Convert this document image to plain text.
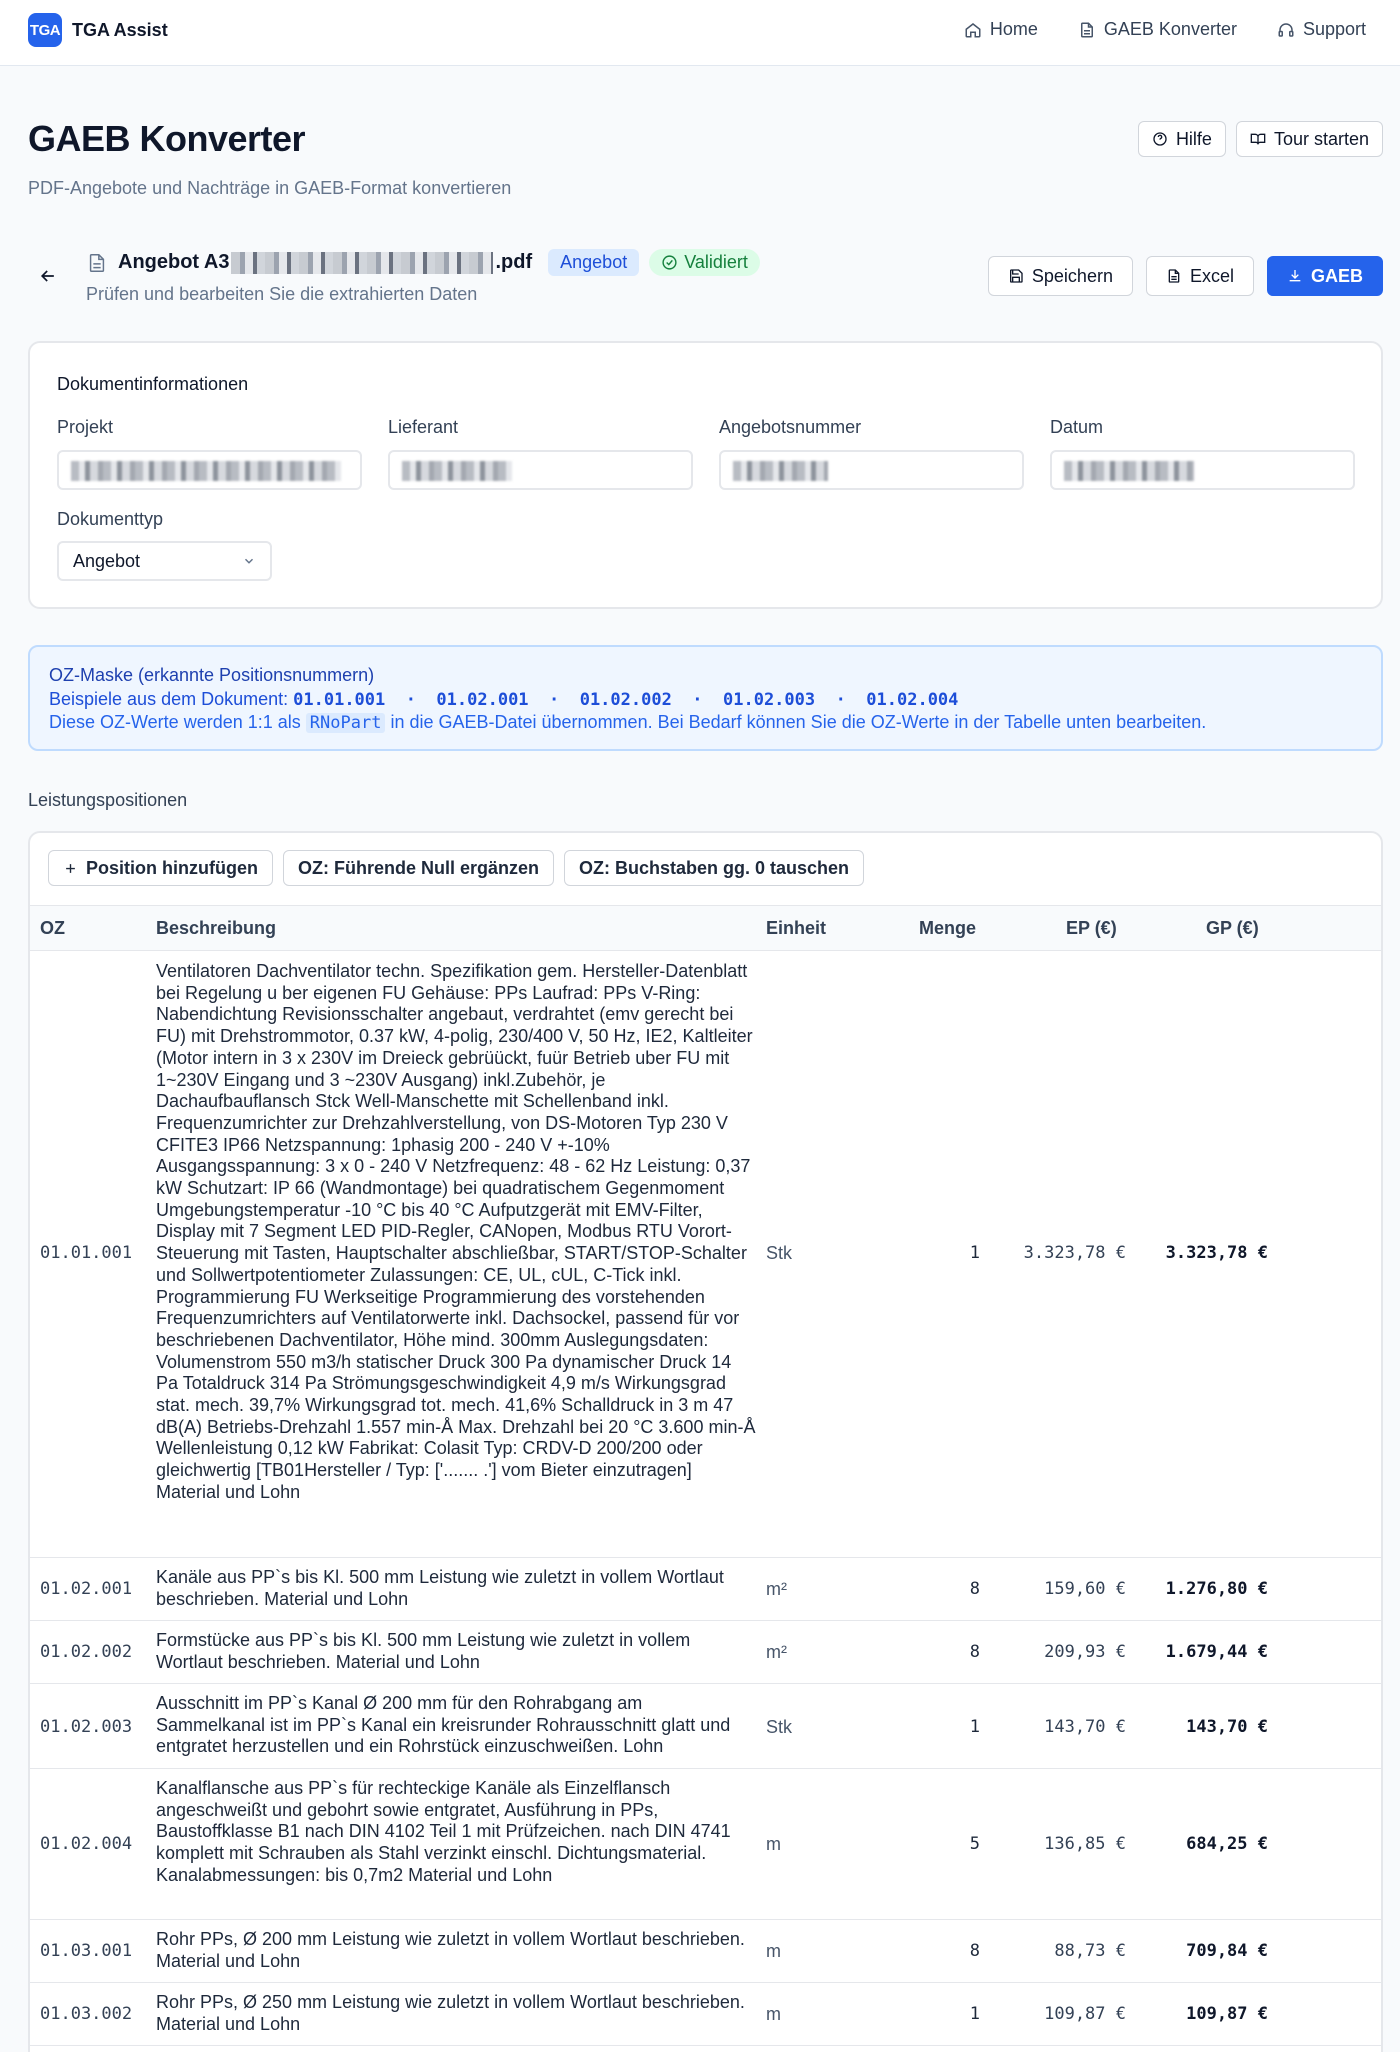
TGA TGA Assist	Home	GAEB Konverter	Support
GAEB Konverter
PDF-Angebote und Nachträge in GAEB-Format konvertieren
Hilfe	Tour starten
Angebot A3	.pdf	Angebot	Validiert
Prüfen und bearbeiten Sie die extrahierten Daten
Speichern	Excel	GAEB
Dokumentinformationen
Projekt	Lieferant	Angebotsnummer	Datum
Dokumenttyp
Angebot
OZ-Maske (erkannte Positionsnummern)
Beispiele aus dem Dokument: 01.01.001  ·  01.02.001  ·  01.02.002  ·  01.02.003  ·  01.02.004
Diese OZ-Werte werden 1:1 als RNoPart in die GAEB-Datei übernommen. Bei Bedarf können Sie die OZ-Werte in der Tabelle unten bearbeiten.
Leistungspositionen
Position hinzufügen OZ: Führende Null ergänzen OZ: Buchstaben gg. 0 tauschen
OZ	Beschreibung	Einheit	Menge	EP (€)	GP (€)
01.01.001
Ventilatoren Dachventilator techn. Spezifikation gem. Hersteller-Datenblatt bei Regelung u ber eigenen FU Gehäuse: PPs Laufrad: PPs V-Ring: Nabendichtung Revisionsschalter angebaut, verdrahtet (emv gerecht bei FU) mit Drehstrommotor, 0.37 kW, 4-polig, 230/400 V, 50 Hz, IE2, Kaltleiter (Motor intern in 3 x 230V im Dreieck gebrüückt, fuür Betrieb uber FU mit 1~230V Eingang und 3 ~230V Ausgang) inkl.Zubehör, je Dachaufbauflansch Stck Well-Manschette mit Schellenband inkl. Frequenzumrichter zur Drehzahlverstellung, von DS-Motoren Typ 230 V CFITE3 IP66 Netzspannung: 1phasig 200 - 240 V +-10% Ausgangsspannung: 3 x 0 - 240 V Netzfrequenz: 48 - 62 Hz Leistung: 0,37 kW Schutzart: IP 66 (Wandmontage) bei quadratischem Gegenmoment Umgebungstemperatur -10 °C bis 40 °C Aufputzgerät mit EMV-Filter, Display mit 7 Segment LED PID-Regler, CANopen, Modbus RTU Vorort-Steuerung mit Tasten, Hauptschalter abschließbar, START/STOP-Schalter und Sollwertpotentiometer Zulassungen: CE, UL, cUL, C-Tick inkl. Programmierung FU Werkseitige Programmierung des vorstehenden Frequenzumrichters auf Ventilatorwerte inkl. Dachsockel, passend für vor beschriebenen Dachventilator, Höhe mind. 300mm Auslegungsdaten: Volumenstrom 550 m3/h statischer Druck 300 Pa dynamischer Druck 14 Pa Totaldruck 314 Pa Strömungsgeschwindigkeit 4,9 m/s Wirkungsgrad stat. mech. 39,7% Wirkungsgrad tot. mech. 41,6% Schalldruck in 3 m 47 dB(A) Betriebs-Drehzahl 1.557 min-Å Max. Drehzahl bei 20 °C 3.600 min-Å Wellenleistung 0,12 kW Fabrikat: Colasit Typ: CRDV-D 200/200 oder gleichwertig [TB01Hersteller / Typ: ['....... .'] vom Bieter einzutragen] Material und Lohn
Stk	1	3.323,78 € 3.323,78 €
01.02.001
Kanäle aus PP`s bis Kl. 500 mm Leistung wie zuletzt in vollem Wortlaut beschrieben. Material und Lohn	m²	8	159,60 € 1.276,80 €
01.02.002
Formstücke aus PP`s bis Kl. 500 mm Leistung wie zuletzt in vollem Wortlaut beschrieben. Material und Lohn	m²	8	209,93 € 1.679,44 €
01.02.003
Ausschnitt im PP`s Kanal Ø 200 mm für den Rohrabgang am Sammelkanal ist im PP`s Kanal ein kreisrunder Rohrausschnitt glatt und entgratet herzustellen und ein Rohrstück einzuschweißen. Lohn
Stk	1	143,70 €	143,70 €
01.02.004
Kanalflansche aus PP`s für rechteckige Kanäle als Einzelflansch angeschweißt und gebohrt sowie entgratet, Ausführung in PPs, Baustoffklasse B1 nach DIN 4102 Teil 1 mit Prüfzeichen. nach DIN 4741 komplett mit Schrauben als Stahl verzinkt einschl. Dichtungsmaterial. Kanalabmessungen: bis 0,7m2 Material und Lohn
m	5	136,85 €	684,25 €
01.03.001
Rohr PPs, Ø 200 mm Leistung wie zuletzt in vollem Wortlaut beschrieben. Material und Lohn	m	8	88,73 €	709,84 €
01.03.002
Rohr PPs, Ø 250 mm Leistung wie zuletzt in vollem Wortlaut beschrieben. Material und Lohn	m	1	109,87 €	109,87 €
